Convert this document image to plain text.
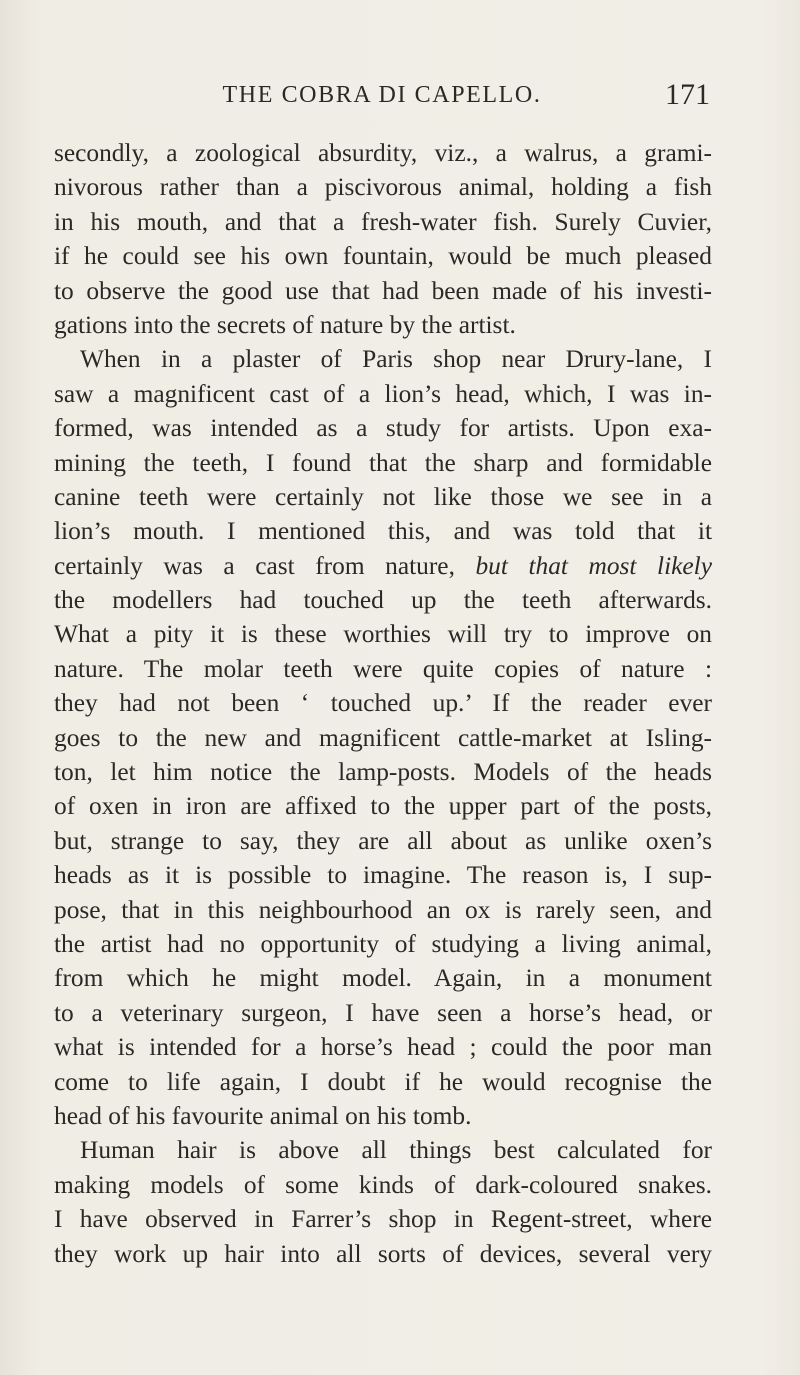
THE COBRA DI CAPELLO.	171
secondly, a zoological absurdity, viz., a walrus, a grami-
nivorous rather than a piscivorous animal, holding a fish
in his mouth, and that a fresh-water fish. Surely Cuvier,
if he could see his own fountain, would be much pleased
to observe the good use that had been made of his investi-
gations into the secrets of nature by the artist.
When in a plaster of Paris shop near Drury-lane, I
saw a magnificent cast of a lion’s head, which, I was in-
formed, was intended as a study for artists. Upon exa-
mining the teeth, I found that the sharp and formidable
canine teeth were certainly not like those we see in a
lion’s mouth. I mentioned this, and was told that it
certainly was a cast from nature, but that most likely
the modellers had touched up the teeth afterwards.
What a pity it is these worthies will try to improve on
nature. The molar teeth were quite copies of nature :
they had not been ‘ touched up.’ If the reader ever
goes to the new and magnificent cattle-market at Isling-
ton, let him notice the lamp-posts. Models of the heads
of oxen in iron are affixed to the upper part of the posts,
but, strange to say, they are all about as unlike oxen’s
heads as it is possible to imagine. The reason is, I sup-
pose, that in this neighbourhood an ox is rarely seen, and
the artist had no opportunity of studying a living animal,
from which he might model. Again, in a monument
to a veterinary surgeon, I have seen a horse’s head, or
what is intended for a horse’s head ; could the poor man
come to life again, I doubt if he would recognise the
head of his favourite animal on his tomb.
Human hair is above all things best calculated for
making models of some kinds of dark-coloured snakes.
I have observed in Farrer’s shop in Regent-street, where
they work up hair into all sorts of devices, several very
